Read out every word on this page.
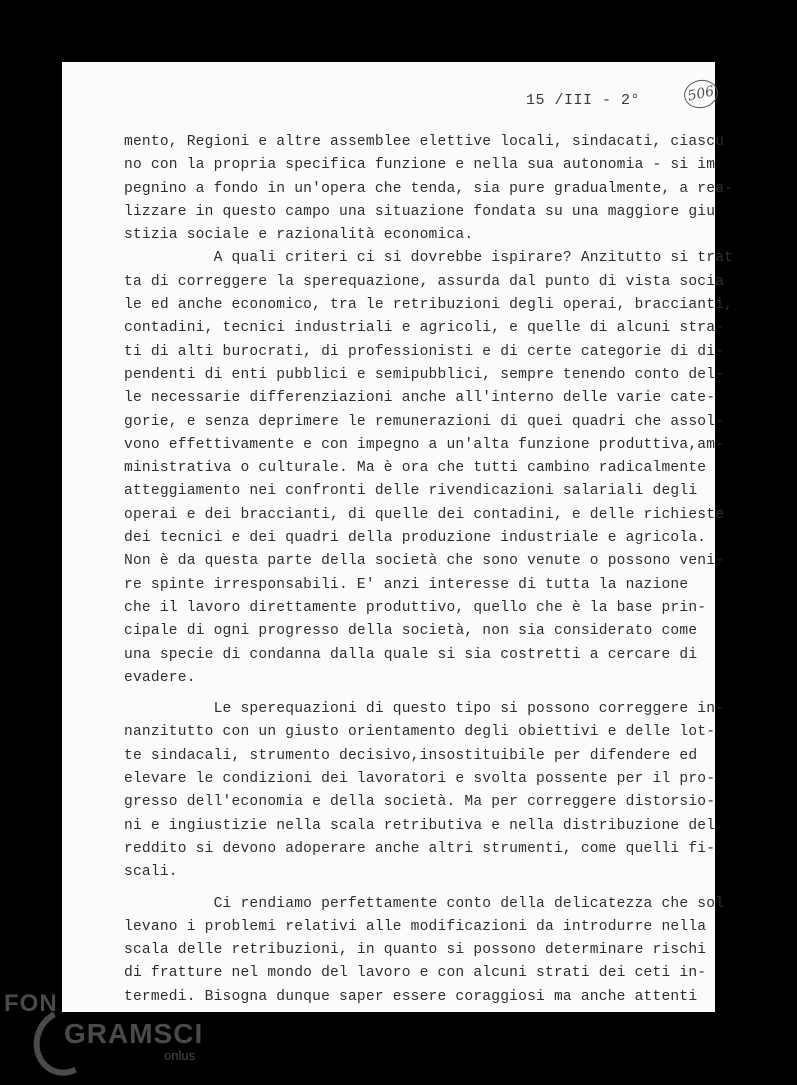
15 /III - 2°	506
mento, Regioni e altre assemblee elettive locali, sindacati, ciascu
no con la propria specifica funzione e nella sua autonomia - si im
pegnino a fondo in un'opera che tenda, sia pure gradualmente, a rea-
lizzare in questo campo una situazione fondata su una maggiore giu
stizia sociale e razionalità economica.
A quali criteri ci si dovrebbe ispirare? Anzitutto si trat
ta di correggere la sperequazione, assurda dal punto di vista socia
le ed anche economico, tra le retribuzioni degli operai, braccianti,
contadini, tecnici industriali e agricoli, e quelle di alcuni stra-
ti di alti burocrati, di professionisti e di certe categorie di di-
pendenti di enti pubblici e semipubblici, sempre tenendo conto del-
le necessarie differenziazioni anche all'interno delle varie cate-
gorie, e senza deprimere le remunerazioni di quei quadri che assol-
vono effettivamente e con impegno a un'alta funzione produttiva,am-
ministrativa o culturale. Ma è ora che tutti cambino radicalmente
atteggiamento nei confronti delle rivendicazioni salariali degli
operai e dei braccianti, di quelle dei contadini, e delle richieste
dei tecnici e dei quadri della produzione industriale e agricola.
Non è da questa parte della società che sono venute o possono veni-
re spinte irresponsabili. E' anzi interesse di tutta la nazione
che il lavoro direttamente produttivo, quello che è la base prin-
cipale di ogni progresso della società, non sia considerato come
una specie di condanna dalla quale si sia costretti a cercare di
evadere.
Le sperequazioni di questo tipo si possono correggere in-
nanzitutto con un giusto orientamento degli obiettivi e delle lot-
te sindacali, strumento decisivo,insostituibile per difendere ed
elevare le condizioni dei lavoratori e svolta possente per il pro-
gresso dell'economia e della società. Ma per correggere distorsio-
ni e ingiustizie nella scala retributiva e nella distribuzione del
reddito si devono adoperare anche altri strumenti, come quelli fi-
scali.
Ci rendiamo perfettamente conto della delicatezza che sol
levano i problemi relativi alle modificazioni da introdurre nella
scala delle retribuzioni, in quanto si possono determinare rischi
di fratture nel mondo del lavoro e con alcuni strati dei ceti in-
termedi. Bisogna dunque saper essere coraggiosi ma anche attenti
FON
GRAMSCI
onlus
